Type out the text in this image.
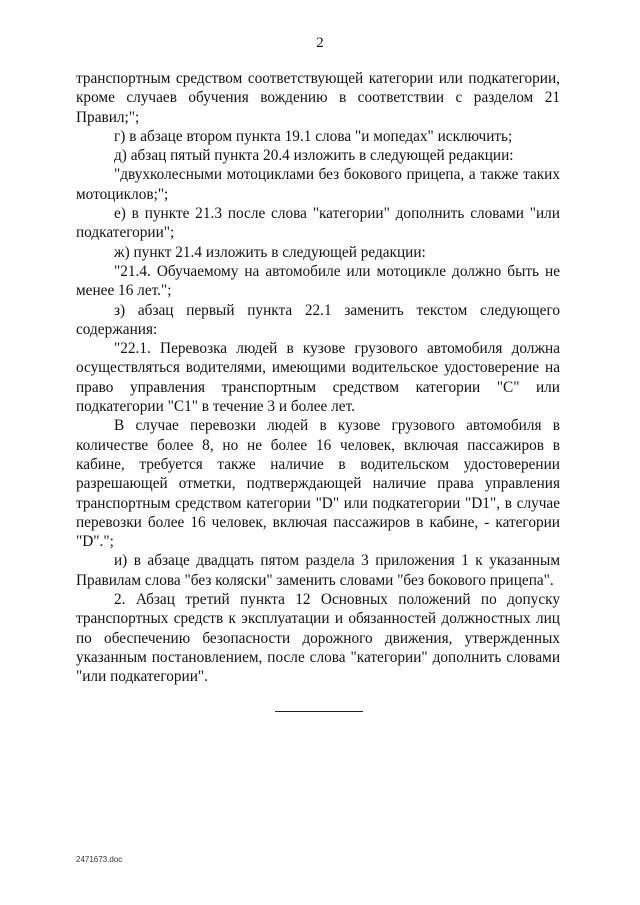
2

транспортным средством соответствующей категории или подкатегории, кроме случаев обучения вождению в соответствии с разделом 21 Правил;";

г) в абзаце втором пункта 19.1 слова "и мопедах" исключить;

д) абзац пятый пункта 20.4 изложить в следующей редакции:

"двухколесными мотоциклами без бокового прицепа, а также таких мотоциклов;";

е) в пункте 21.3 после слова "категории" дополнить словами "или подкатегории";

ж) пункт 21.4 изложить в следующей редакции:

"21.4. Обучаемому на автомобиле или мотоцикле должно быть не менее 16 лет.";

з) абзац первый пункта 22.1 заменить текстом следующего содержания:

"22.1. Перевозка людей в кузове грузового автомобиля должна осуществляться водителями, имеющими водительское удостоверение на право управления транспортным средством категории "С" или подкатегории "С1" в течение 3 и более лет.

В случае перевозки людей в кузове грузового автомобиля в количестве более 8, но не более 16 человек, включая пассажиров в кабине, требуется также наличие в водительском удостоверении разрешающей отметки, подтверждающей наличие права управления транспортным средством категории "D" или подкатегории "D1", в случае перевозки более 16 человек, включая пассажиров в кабине, - категории "D".";

и) в абзаце двадцать пятом раздела 3 приложения 1 к указанным Правилам слова "без коляски" заменить словами "без бокового прицепа".

2. Абзац третий пункта 12 Основных положений по допуску транспортных средств к эксплуатации и обязанностей должностных лиц по обеспечению безопасности дорожного движения, утвержденных указанным постановлением, после слова "категории" дополнить словами "или подкатегории".

2471673.doc
